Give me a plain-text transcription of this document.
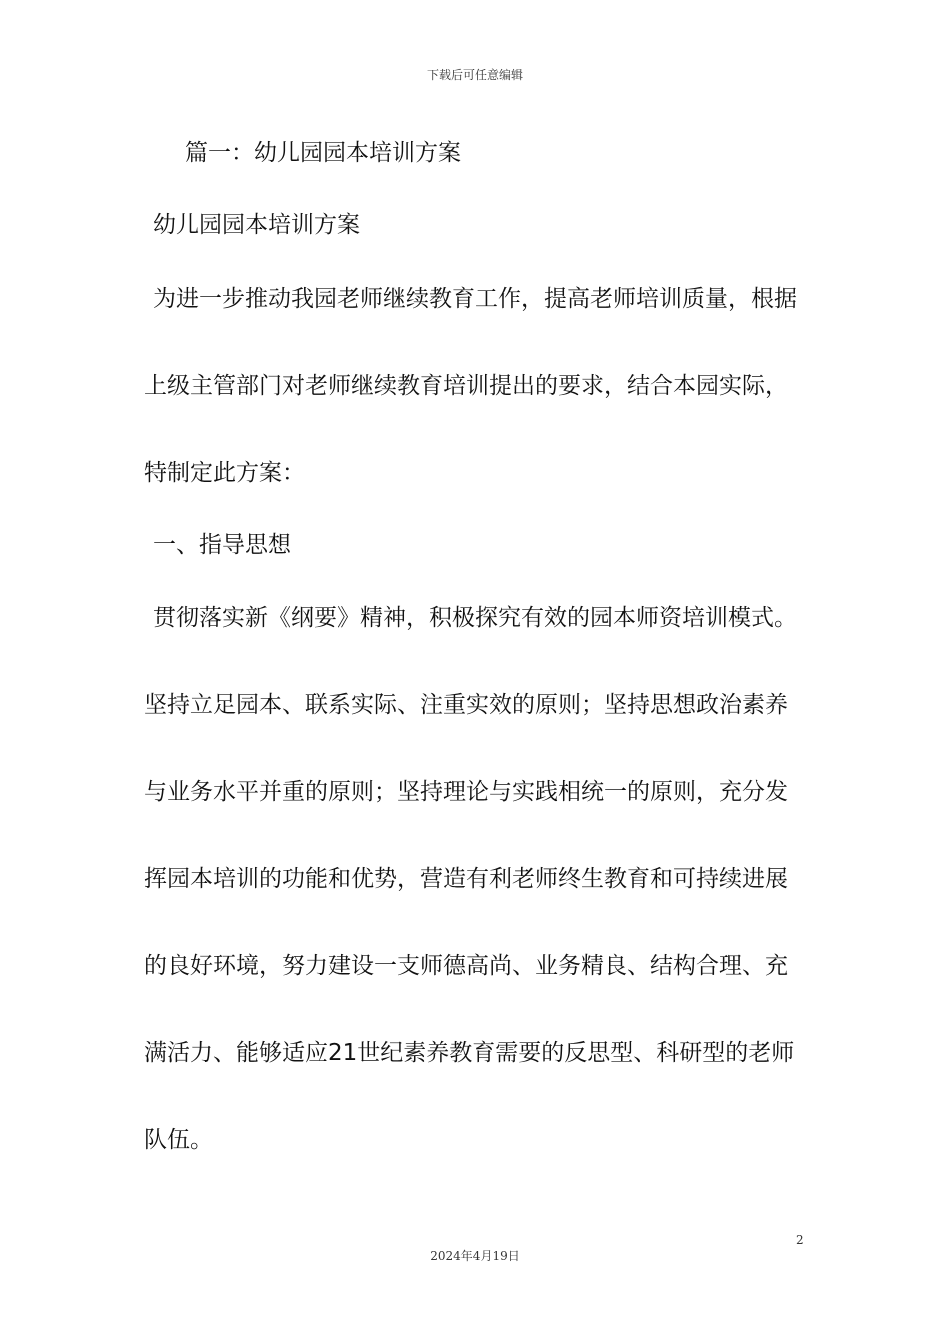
下载后可任意编辑
篇一：幼儿园园本培训方案
幼儿园园本培训方案
为进一步推动我园老师继续教育工作，提高老师培训质量，根据
上级主管部门对老师继续教育培训提出的要求，结合本园实际，
特制定此方案：
一、指导思想
贯彻落实新《纲要》精神，积极探究有效的园本师资培训模式。
坚持立足园本、联系实际、注重实效的原则；坚持思想政治素养
与业务水平并重的原则；坚持理论与实践相统一的原则，充分发
挥园本培训的功能和优势，营造有利老师终生教育和可持续进展
的良好环境，努力建设一支师德高尚、业务精良、结构合理、充
满活力、能够适应21世纪素养教育需要的反思型、科研型的老师
队伍。
2
2024年4月19日
